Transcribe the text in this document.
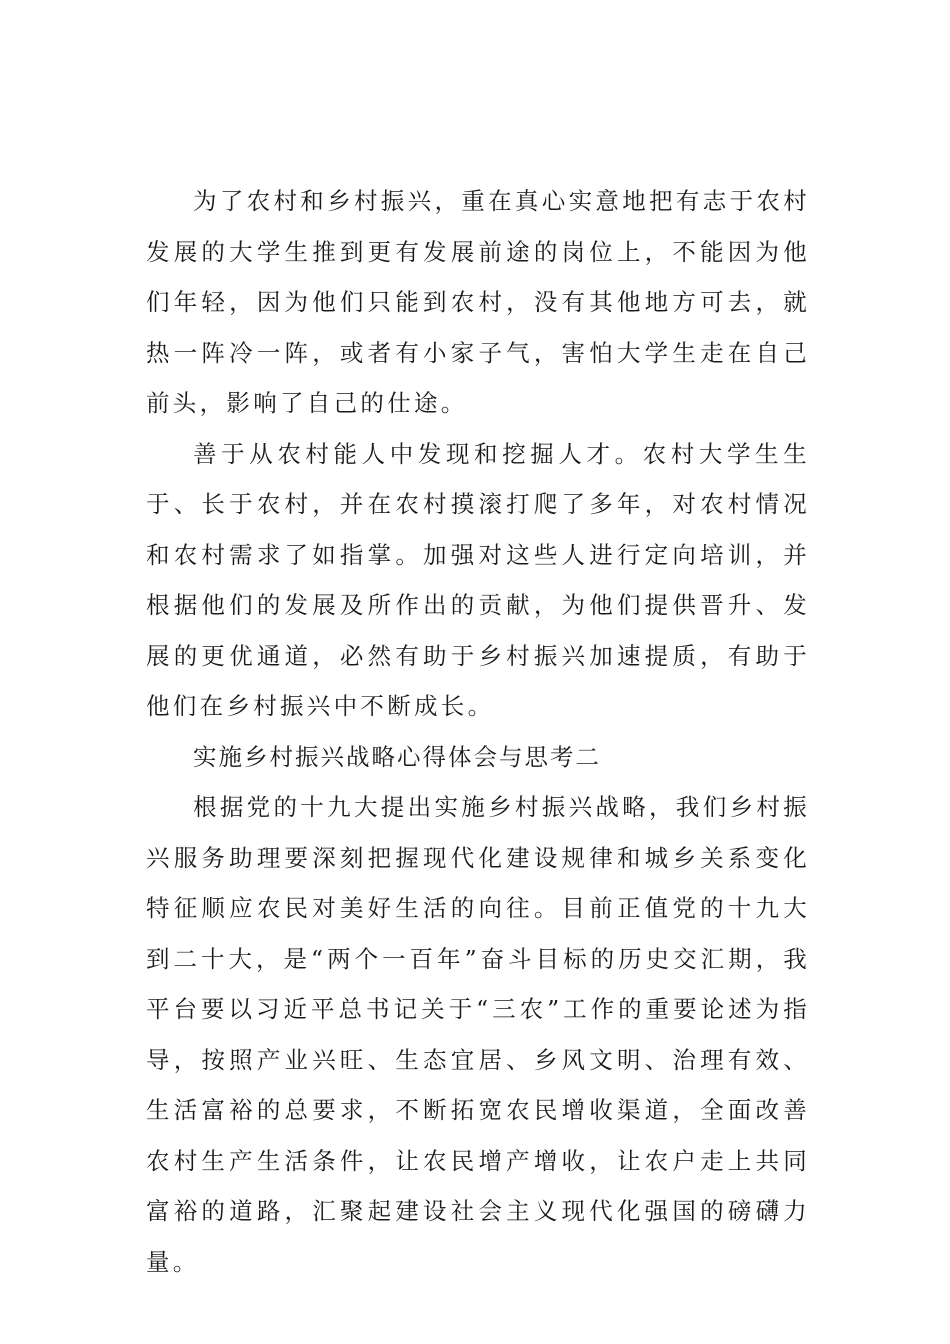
为了农村和乡村振兴，重在真心实意地把有志于农村发展的大学生推到更有发展前途的岗位上，不能因为他们年轻，因为他们只能到农村，没有其他地方可去，就热一阵冷一阵，或者有小家子气，害怕大学生走在自己前头，影响了自己的仕途。

善于从农村能人中发现和挖掘人才。农村大学生生于、长于农村，并在农村摸滚打爬了多年，对农村情况和农村需求了如指掌。加强对这些人进行定向培训，并根据他们的发展及所作出的贡献，为他们提供晋升、发展的更优通道，必然有助于乡村振兴加速提质，有助于他们在乡村振兴中不断成长。

实施乡村振兴战略心得体会与思考二

根据党的十九大提出实施乡村振兴战略，我们乡村振兴服务助理要深刻把握现代化建设规律和城乡关系变化特征顺应农民对美好生活的向往。目前正值党的十九大到二十大，是“两个一百年”奋斗目标的历史交汇期，我平台要以习近平总书记关于“三农”工作的重要论述为指导，按照产业兴旺、生态宜居、乡风文明、治理有效、生活富裕的总要求，不断拓宽农民增收渠道，全面改善农村生产生活条件，让农民增产增收，让农户走上共同富裕的道路，汇聚起建设社会主义现代化强国的磅礴力量。
